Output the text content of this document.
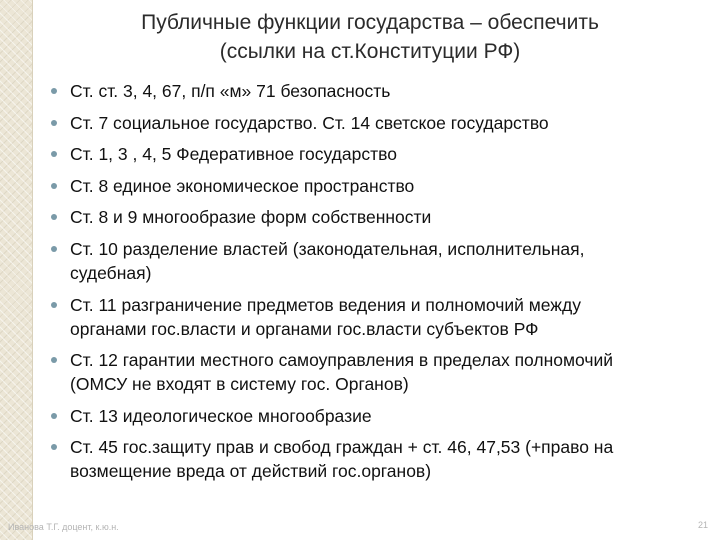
Публичные функции государства – обеспечить
(ссылки на ст.Конституции РФ)
Ст. ст. 3, 4, 67, п/п «м» 71 безопасность
Ст. 7 социальное государство. Ст. 14 светское государство
Ст. 1, 3 , 4, 5 Федеративное государство
Ст. 8 единое экономическое пространство
Ст. 8 и 9 многообразие форм собственности
Ст. 10 разделение властей (законодательная, исполнительная,
судебная)
Ст. 11 разграничение предметов ведения и полномочий между
органами гос.власти и органами гос.власти субъектов РФ
Ст. 12 гарантии местного самоуправления в пределах полномочий
(ОМСУ не входят в систему гос. Органов)
Ст. 13 идеологическое многообразие
Ст. 45 гос.защиту прав и свобод граждан + ст. 46, 47,53 (+право на
возмещение вреда от действий гос.органов)
Иванова Т.Г. доцент, к.ю.н.	21
